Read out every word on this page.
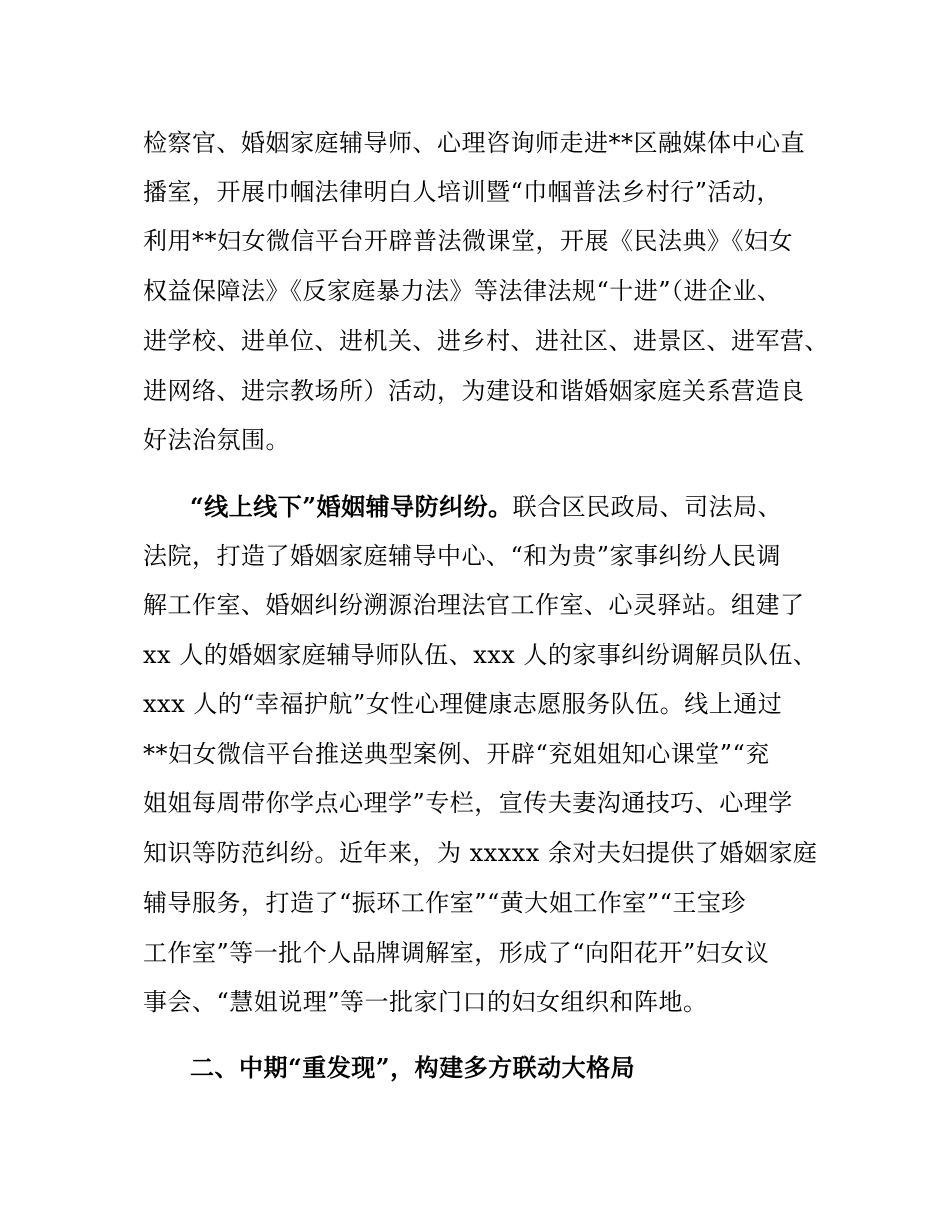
检察官、婚姻家庭辅导师、心理咨询师走进**区融媒体中心直
播室，开展巾帼法律明白人培训暨“巾帼普法乡村行”活动，
利用**妇女微信平台开辟普法微课堂，开展《民法典》《妇女
权益保障法》《反家庭暴力法》等法律法规“十进”（进企业、
进学校、进单位、进机关、进乡村、进社区、进景区、进军营、
进网络、进宗教场所）活动，为建设和谐婚姻家庭关系营造良
好法治氛围。
“线上线下”婚姻辅导防纠纷。联合区民政局、司法局、
法院，打造了婚姻家庭辅导中心、“和为贵”家事纠纷人民调
解工作室、婚姻纠纷溯源治理法官工作室、心灵驿站。组建了
xx 人的婚姻家庭辅导师队伍、xxx 人的家事纠纷调解员队伍、
xxx 人的“幸福护航”女性心理健康志愿服务队伍。线上通过
**妇女微信平台推送典型案例、开辟“兖姐姐知心课堂”“兖
姐姐每周带你学点心理学”专栏，宣传夫妻沟通技巧、心理学
知识等防范纠纷。近年来，为 xxxxx 余对夫妇提供了婚姻家庭
辅导服务，打造了“振环工作室”“黄大姐工作室”“王宝珍
工作室”等一批个人品牌调解室，形成了“向阳花开”妇女议
事会、“慧姐说理”等一批家门口的妇女组织和阵地。
二、中期“重发现”，构建多方联动大格局
